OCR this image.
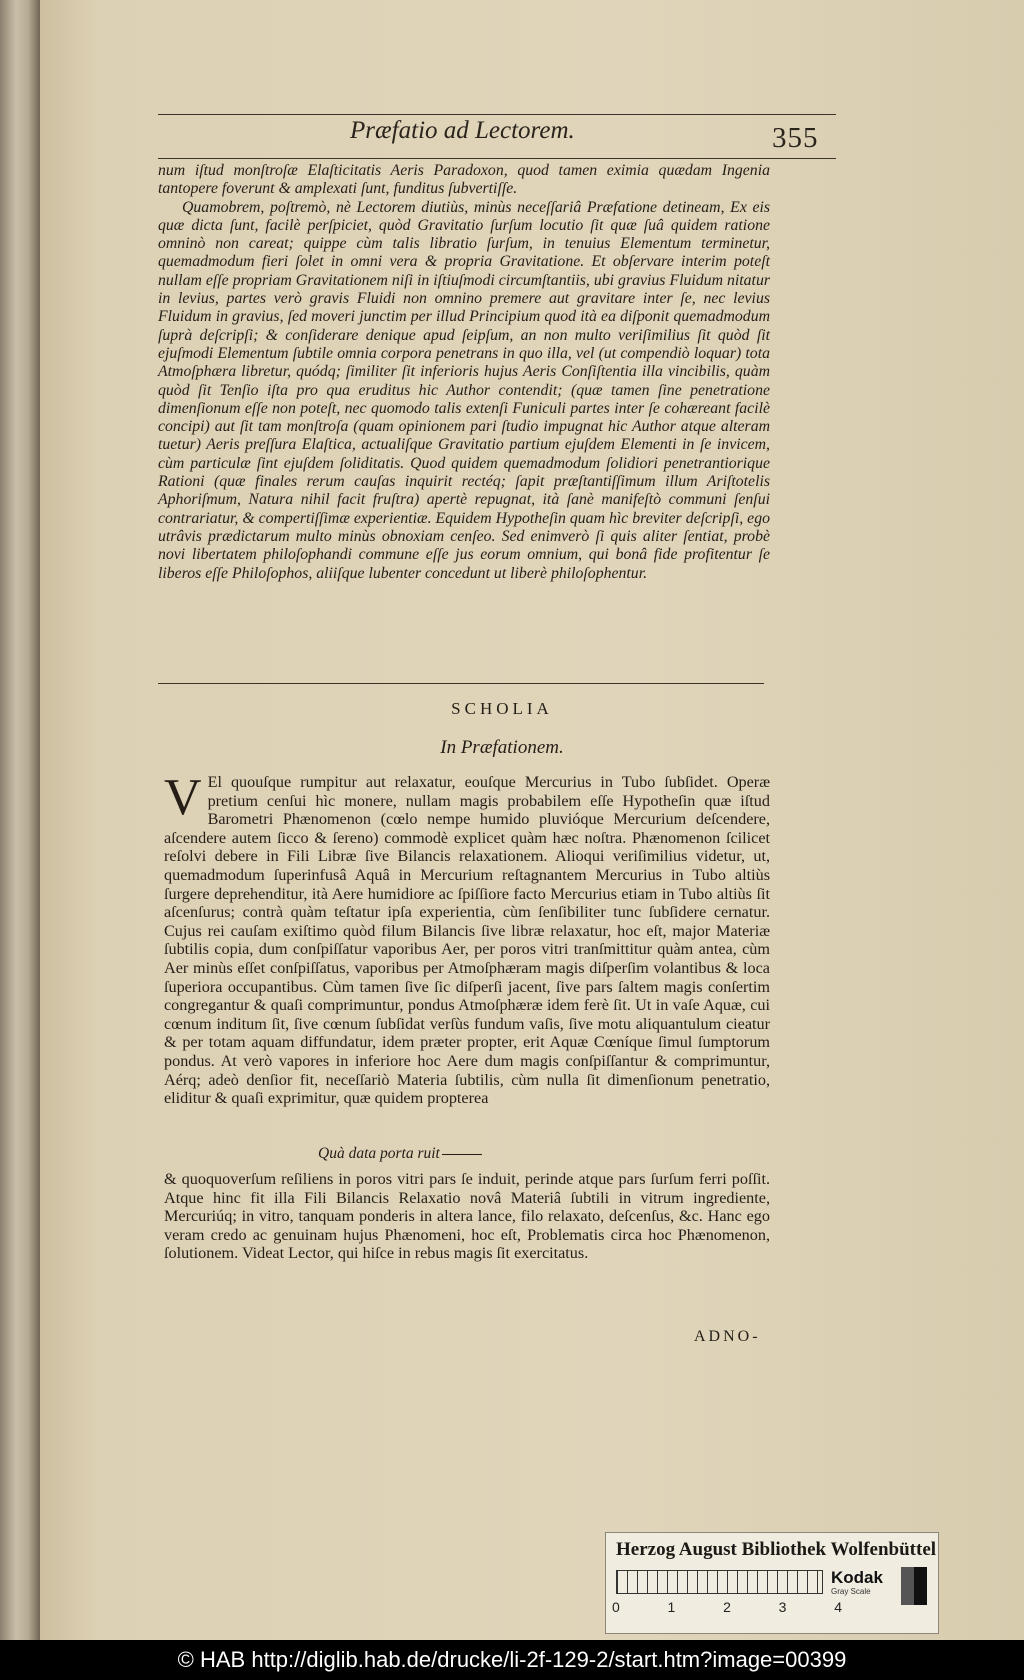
Præfatio ad Lectorem.	355

num iſtud monſtroſæ Elaſticitatis Aeris Paradoxon, quod tamen eximia quædam Ingenia tantopere foverunt & amplexati ſunt, funditus ſubvertiſſe.

Quamobrem, poſtremò, nè Lectorem diutiùs, minùs neceſſariâ Præfatione detineam, Ex eis quæ dicta ſunt, facilè perſpiciet, quòd Gravitatio ſurſum locutio ſit quæ ſuâ quidem ratione omninò non careat; quippe cùm talis libratio ſurſum, in tenuius Elementum terminetur, quemadmodum fieri ſolet in omni vera & propria Gravitatione. Et obſervare interim poteſt nullam eſſe propriam Gravitationem niſi in iſtiuſmodi circumſtantiis, ubi gravius Fluidum nitatur in levius, partes verò gravis Fluidi non omnino premere aut gravitare inter ſe, nec levius Fluidum in gravius, ſed moveri junctim per illud Principium quod ità ea diſponit quemadmodum ſuprà deſcripſi; & conſiderare denique apud ſeipſum, an non multo veriſimilius ſit quòd ſit ejuſmodi Elementum ſubtile omnia corpora penetrans in quo illa, vel (ut compendiò loquar) tota Atmoſphæra libretur, quódq; ſimiliter ſit inferioris hujus Aeris Conſiſtentia illa vincibilis, quàm quòd ſit Tenſio iſta pro qua eruditus hic Author contendit; (quæ tamen ſine penetratione dimenſionum eſſe non poteſt, nec quomodo talis extenſi Funiculi partes inter ſe cohæreant facilè concipi) aut ſit tam monſtroſa (quam opinionem pari ſtudio impugnat hic Author atque alteram tuetur) Aeris preſſura Elaſtica, actualiſque Gravitatio partium ejuſdem Elementi in ſe invicem, cùm particulæ ſint ejuſdem ſoliditatis. Quod quidem quemadmodum ſolidiori penetrantiorique Rationi (quæ finales rerum cauſas inquirit rectéq; ſapit præſtantiſſimum illum Ariſtotelis Aphoriſmum, Natura nihil facit fruſtra) apertè repugnat, ità ſanè manifeſtò communi ſenſui contrariatur, & compertiſſimæ experientiæ. Equidem Hypotheſin quam hìc breviter deſcripſi, ego utrâvis prædictarum multo minùs obnoxiam cenſeo. Sed enimverò ſi quis aliter ſentiat, probè novi libertatem philoſophandi commune eſſe jus eorum omnium, qui bonâ fide profitentur ſe liberos eſſe Philoſophos, aliiſque lubenter concedunt ut liberè philoſophentur.

SCHOLIA
In Præfationem.
V El quouſque rumpitur aut relaxatur, eouſque Mercurius in Tubo ſubſidet. Operæ pretium cenſui hìc monere, nullam magis probabilem eſſe Hypotheſin quæ iſtud Barometri Phænomenon (cœlo nempe humido pluvióque Mercurium deſcendere, aſcendere autem ſicco & ſereno) commodè explicet quàm hæc noſtra. Phænomenon ſcilicet reſolvi debere in Fili Libræ ſive Bilancis relaxationem. Alioqui veriſimilius videtur, ut, quemadmodum ſuperinfusâ Aquâ in Mercurium reſtagnantem Mercurius in Tubo altiùs ſurgere deprehenditur, ità Aere humidiore ac ſpiſſiore facto Mercurius etiam in Tubo altiùs ſit aſcenſurus; contrà quàm teſtatur ipſa experientia, cùm ſenſibiliter tunc ſubſidere cernatur. Cujus rei cauſam exiſtimo quòd filum Bilancis ſive libræ relaxatur, hoc eſt, major Materiæ ſubtilis copia, dum conſpiſſatur vaporibus Aer, per poros vitri tranſmittitur quàm antea, cùm Aer minùs eſſet conſpiſſatus, vaporibus per Atmoſphæram magis diſperſim volantibus & loca ſuperiora occupantibus. Cùm tamen ſive ſic diſperſi jacent, ſive pars ſaltem magis conſertim congregantur & quaſi comprimuntur, pondus Atmoſphæræ idem ferè ſit. Ut in vaſe Aquæ, cui cœnum inditum ſit, ſive cœnum ſubſidat verſùs fundum vaſis, ſive motu aliquantulum cieatur & per totam aquam diffundatur, idem præter propter, erit Aquæ Cœníque ſimul ſumptorum pondus. At verò vapores in inferiore hoc Aere dum magis conſpiſſantur & comprimuntur, Aérq; adeò denſior fit, neceſſariò Materia ſubtilis, cùm nulla ſit dimenſionum penetratio, eliditur & quaſi exprimitur, quæ quidem propterea
Quà data porta ruit

& quoquoverſum reſiliens in poros vitri pars ſe induit, perinde atque pars ſurſum ferri poſſit. Atque hinc fit illa Fili Bilancis Relaxatio novâ Materiâ ſubtili in vitrum ingrediente, Mercuriúq; in vitro, tanquam ponderis in altera lance, filo relaxato, deſcenſus, &c. Hanc ego veram credo ac genuinam hujus Phænomeni, hoc eſt, Problematis circa hoc Phænomenon, ſolutionem. Videat Lector, qui hiſce in rebus magis ſit exercitatus.

ADNO-
Herzog August Bibliothek Wolfenbüttel
0	1	2	3	4
Kodak
Gray Scale
© HAB http://diglib.hab.de/drucke/li-2f-129-2/start.htm?image=00399
